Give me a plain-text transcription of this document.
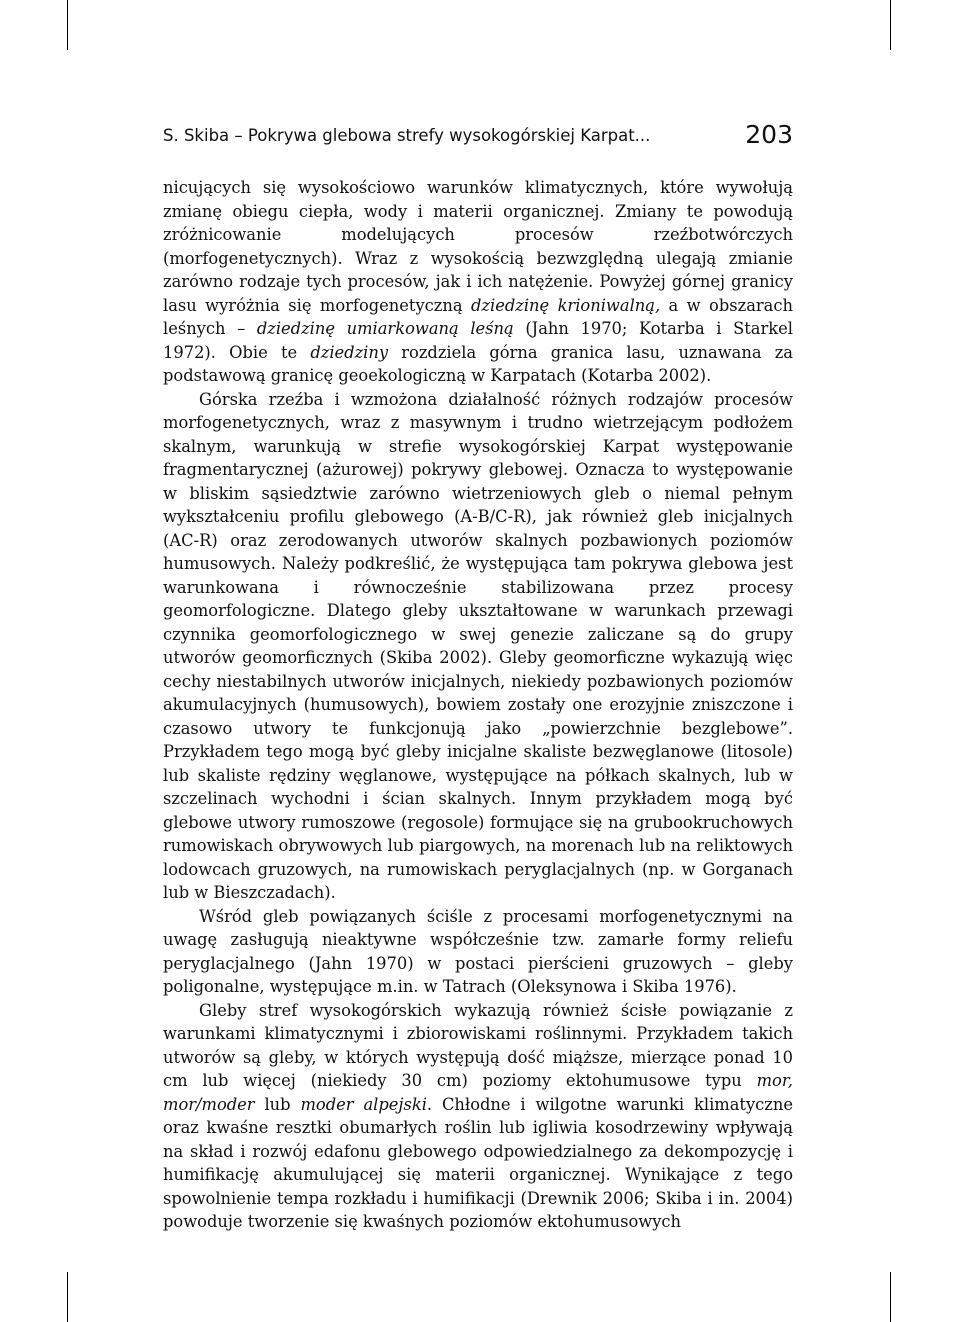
S. Skiba – Pokrywa glebowa strefy wysokogórskiej Karpat...	203

nicujących się wysokościowo warunków klimatycznych, które wywołują zmianę obiegu ciepła, wody i materii organicznej. Zmiany te powodują zróżnicowanie modelujących procesów rzeźbotwórczych (morfogenetycznych). Wraz z wysokością bezwzględną ulegają zmianie zarówno rodzaje tych procesów, jak i ich natężenie. Powyżej górnej granicy lasu wyróżnia się morfogenetyczną dziedzinę krioniwalną, a w obszarach leśnych – dziedzinę umiarkowaną leśną (Jahn 1970; Kotarba i Starkel 1972). Obie te dziedziny rozdziela górna granica lasu, uznawana za podstawową granicę geoekologiczną w Karpatach (Kotarba 2002).

Górska rzeźba i wzmożona działalność różnych rodzajów procesów morfogenetycznych, wraz z masywnym i trudno wietrzejącym podłożem skalnym, warunkują w strefie wysokogórskiej Karpat występowanie fragmentarycznej (ażurowej) pokrywy glebowej. Oznacza to występowanie w bliskim sąsiedztwie zarówno wietrzeniowych gleb o niemal pełnym wykształceniu profilu glebowego (A-B/C-R), jak również gleb inicjalnych (AC-R) oraz zerodowanych utworów skalnych pozbawionych poziomów humusowych. Należy podkreślić, że występująca tam pokrywa glebowa jest warunkowana i równocześnie stabilizowana przez procesy geomorfologiczne. Dlatego gleby ukształtowane w warunkach przewagi czynnika geomorfologicznego w swej genezie zaliczane są do grupy utworów geomorficznych (Skiba 2002). Gleby geomorficzne wykazują więc cechy niestabilnych utworów inicjalnych, niekiedy pozbawionych poziomów akumulacyjnych (humusowych), bowiem zostały one erozyjnie zniszczone i czasowo utwory te funkcjonują jako „powierzchnie bezglebowe”. Przykładem tego mogą być gleby inicjalne skaliste bezwęglanowe (litosole) lub skaliste rędziny węglanowe, występujące na półkach skalnych, lub w szczelinach wychodni i ścian skalnych. Innym przykładem mogą być glebowe utwory rumoszowe (regosole) formujące się na grubookruchowych rumowiskach obrywowych lub piargowych, na morenach lub na reliktowych lodowcach gruzowych, na rumowiskach peryglacjalnych (np. w Gorganach lub w Bieszczadach).

Wśród gleb powiązanych ściśle z procesami morfogenetycznymi na uwagę zasługują nieaktywne współcześnie tzw. zamarłe formy reliefu peryglacjalnego (Jahn 1970) w postaci pierścieni gruzowych – gleby poligonalne, występujące m.in. w Tatrach (Oleksynowa i Skiba 1976).

Gleby stref wysokogórskich wykazują również ścisłe powiązanie z warunkami klimatycznymi i zbiorowiskami roślinnymi. Przykładem takich utworów są gleby, w których występują dość miąższe, mierzące ponad 10 cm lub więcej (niekiedy 30 cm) poziomy ektohumusowe typu mor, mor/moder lub moder alpejski. Chłodne i wilgotne warunki klimatyczne oraz kwaśne resztki obumarłych roślin lub igliwia kosodrzewiny wpływają na skład i rozwój edafonu glebowego odpowiedzialnego za dekompozycję i humifikację akumulującej się materii organicznej. Wynikające z tego spowolnienie tempa rozkładu i humifikacji (Drewnik 2006; Skiba i in. 2004) powoduje tworzenie się kwaśnych poziomów ektohumusowych
